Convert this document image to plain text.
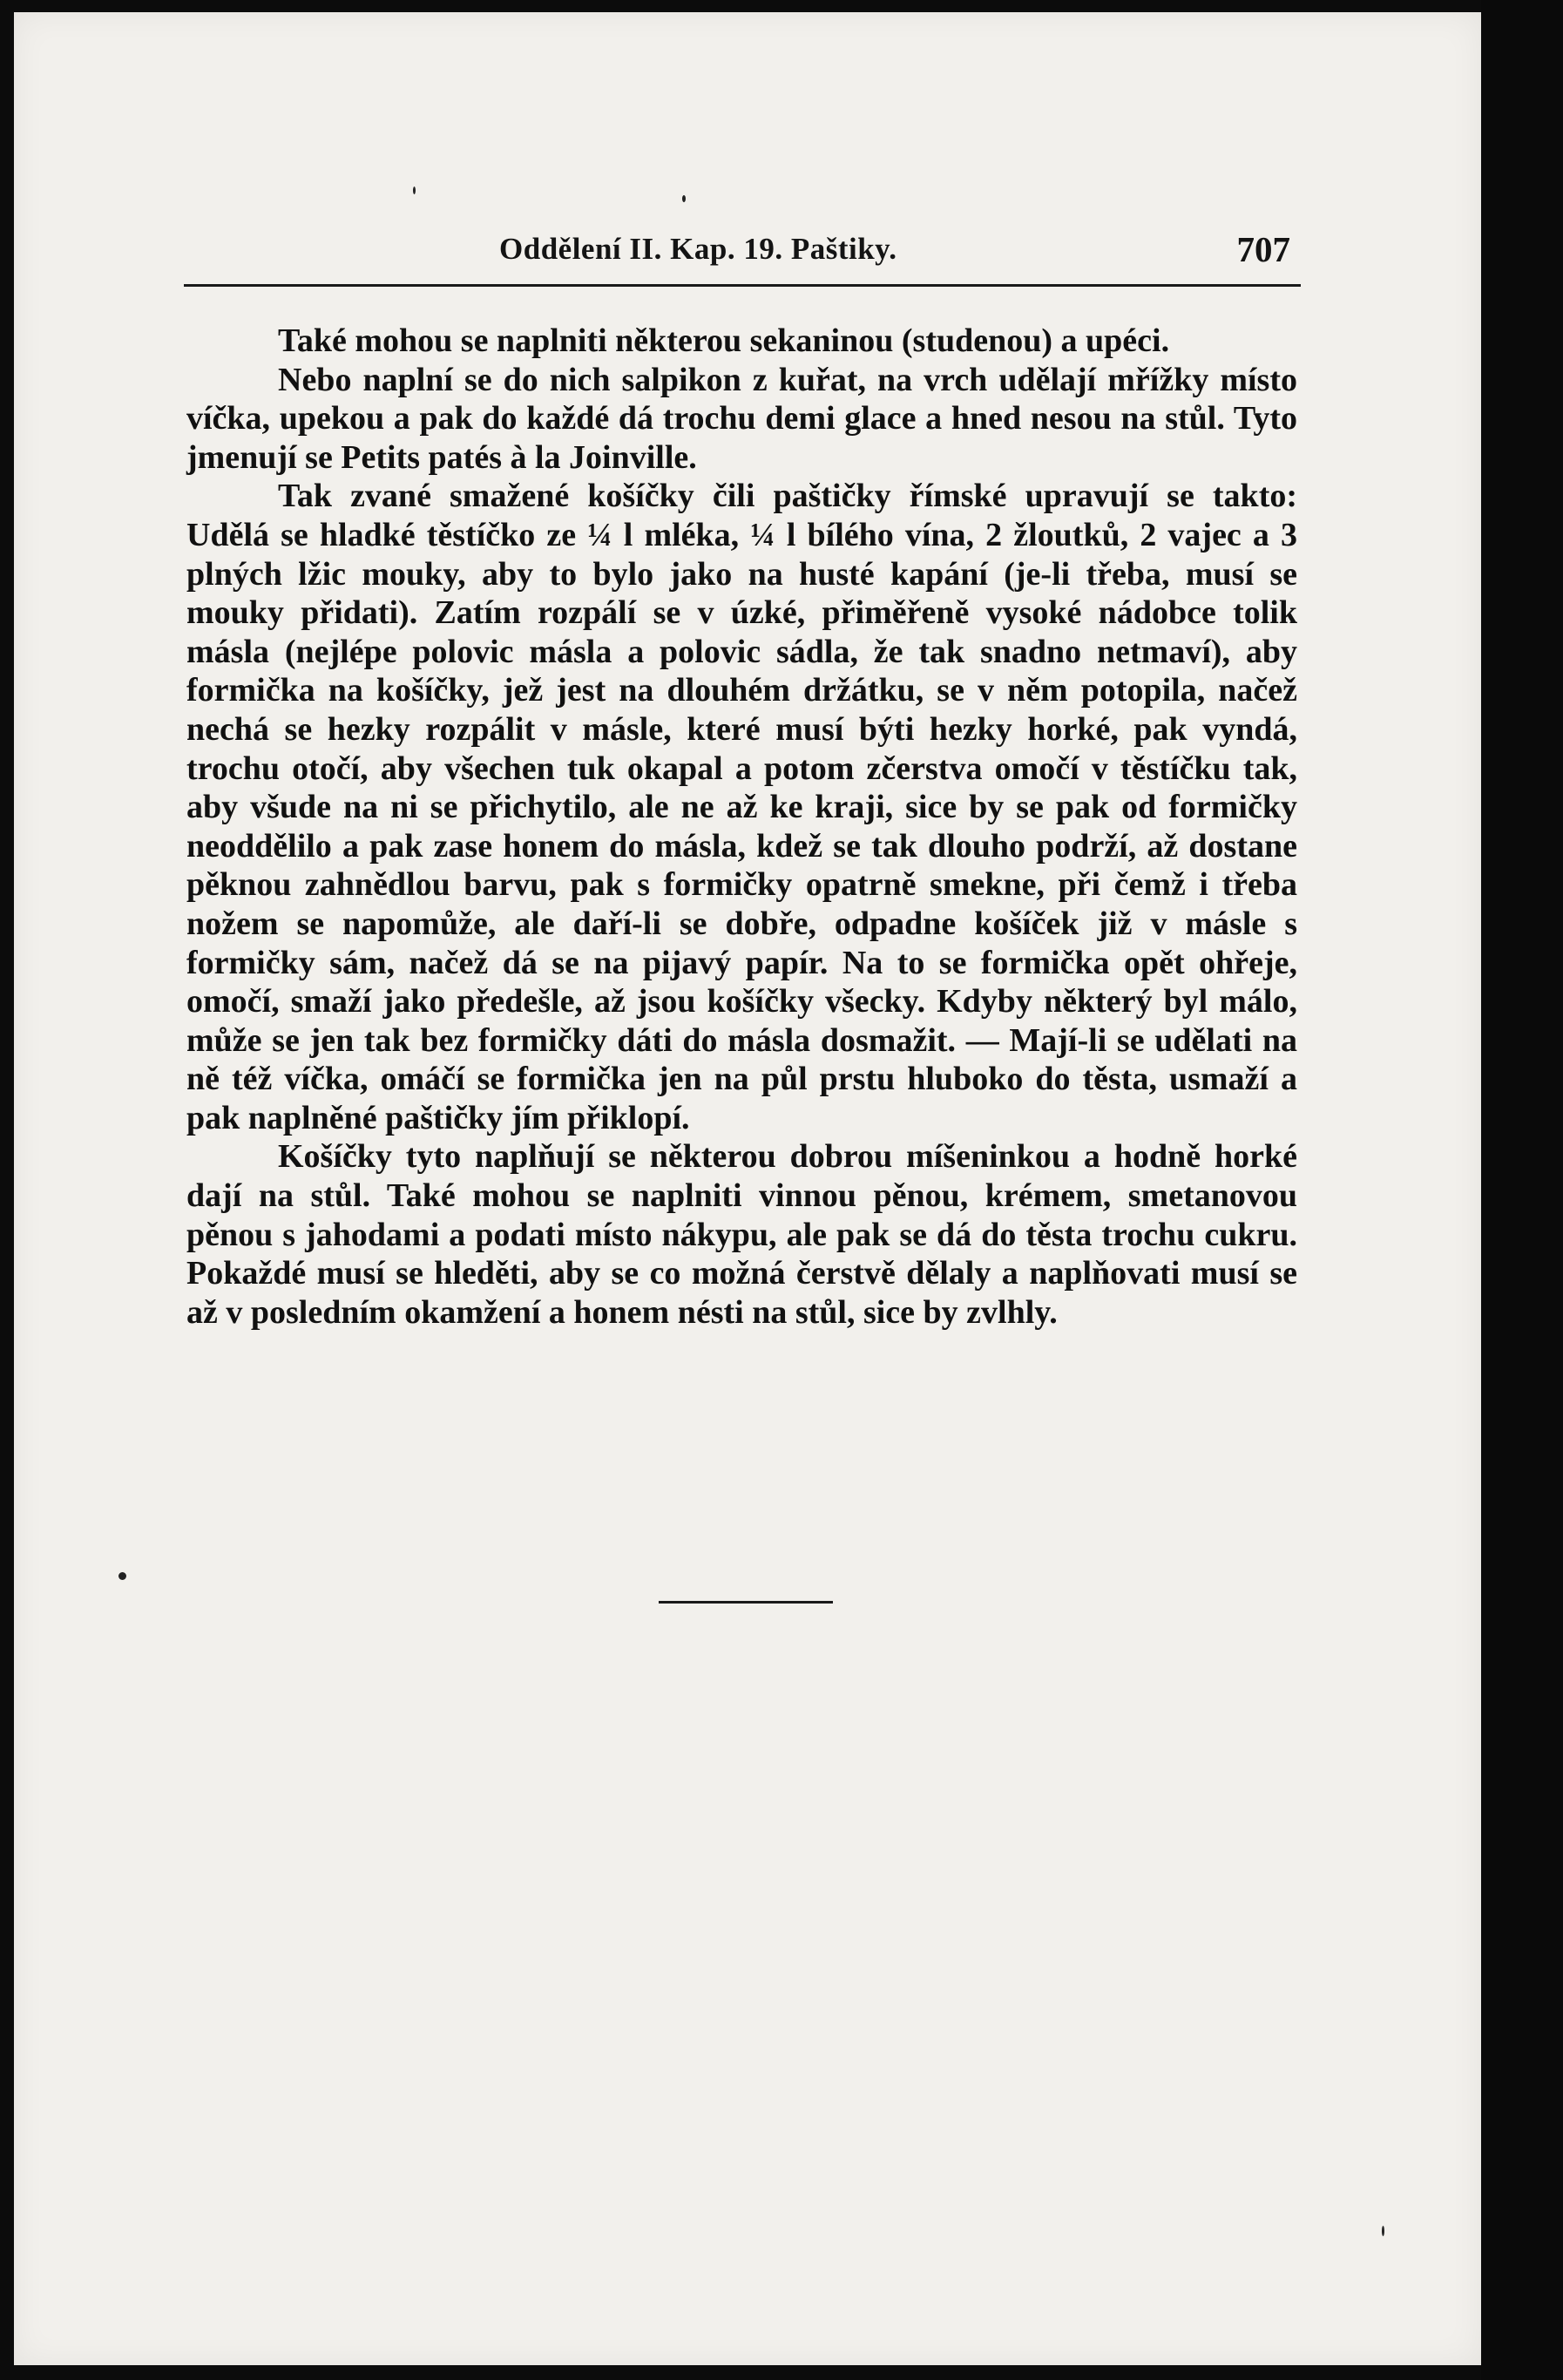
Oddělení II. Kap. 19. Paštiky.	707

Také mohou se naplniti některou sekaninou (studenou) a upéci.

Nebo naplní se do nich salpikon z kuřat, na vrch udělají mřížky místo víčka, upekou a pak do každé dá trochu demi glace a hned nesou na stůl. Tyto jmenují se Petits patés à la Joinville.

Tak zvané smažené košíčky čili paštičky římské upravují se takto: Udělá se hladké těstíčko ze ¼ l mléka, ¼ l bílého vína, 2 žloutků, 2 vajec a 3 plných lžic mouky, aby to bylo jako na husté kapání (je-li třeba, musí se mouky přidati). Zatím rozpálí se v úzké, přiměřeně vysoké nádobce tolik másla (nejlépe polovic másla a polovic sádla, že tak snadno netmaví), aby formička na košíčky, jež jest na dlouhém držátku, se v něm potopila, načež nechá se hezky rozpálit v másle, které musí býti hezky horké, pak vyndá, trochu otočí, aby všechen tuk okapal a potom zčerstva omočí v těstíčku tak, aby všude na ni se přichytilo, ale ne až ke kraji, sice by se pak od formičky neoddělilo a pak zase honem do másla, kdež se tak dlouho podrží, až dostane pěknou zahnědlou barvu, pak s formičky opatrně smekne, při čemž i třeba nožem se napomůže, ale daří-li se dobře, odpadne košíček již v másle s formičky sám, načež dá se na pijavý papír. Na to se formička opět ohřeje, omočí, smaží jako předešle, až jsou košíčky všecky. Kdyby některý byl málo, může se jen tak bez formičky dáti do másla dosmažit. — Mají-li se udělati na ně též víčka, omáčí se formička jen na půl prstu hluboko do těsta, usmaží a pak naplněné paštičky jím přiklopí.

Košíčky tyto naplňují se některou dobrou míšeninkou a hodně horké dají na stůl. Také mohou se naplniti vinnou pěnou, krémem, smetanovou pěnou s jahodami a podati místo nákypu, ale pak se dá do těsta trochu cukru. Pokaždé musí se hleděti, aby se co možná čerstvě dělaly a naplňovati musí se až v posledním okamžení a honem nésti na stůl, sice by zvlhly.
